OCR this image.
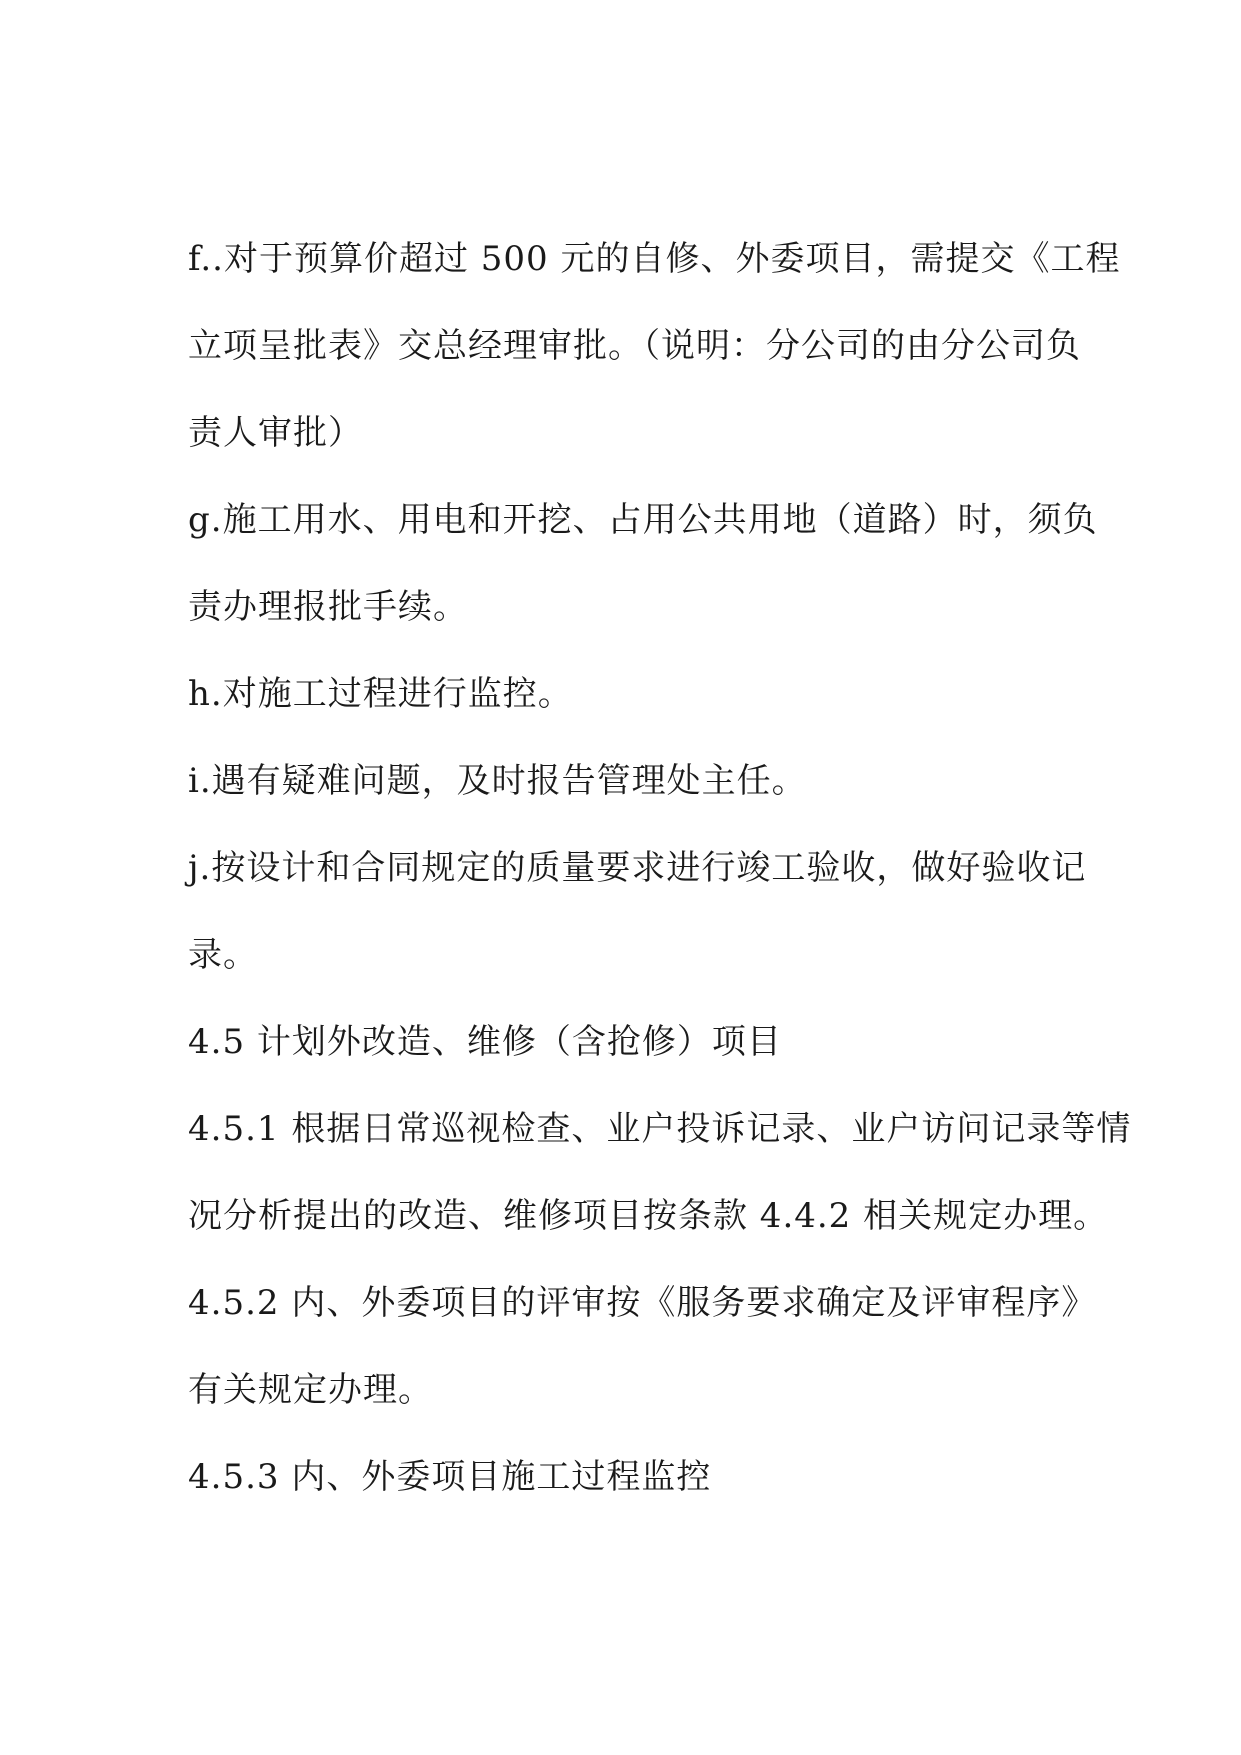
f..对于预算价超过 500 元的自修、外委项目，需提交《工程
立项呈批表》交总经理审批。（说明：分公司的由分公司负
责人审批）
g.施工用水、用电和开挖、占用公共用地（道路）时，须负
责办理报批手续。
h.对施工过程进行监控。
i.遇有疑难问题，及时报告管理处主任。
j.按设计和合同规定的质量要求进行竣工验收，做好验收记
录。
4.5 计划外改造、维修（含抢修）项目
4.5.1 根据日常巡视检查、业户投诉记录、业户访问记录等情
况分析提出的改造、维修项目按条款 4.4.2 相关规定办理。
4.5.2 内、外委项目的评审按《服务要求确定及评审程序》
有关规定办理。
4.5.3 内、外委项目施工过程监控
